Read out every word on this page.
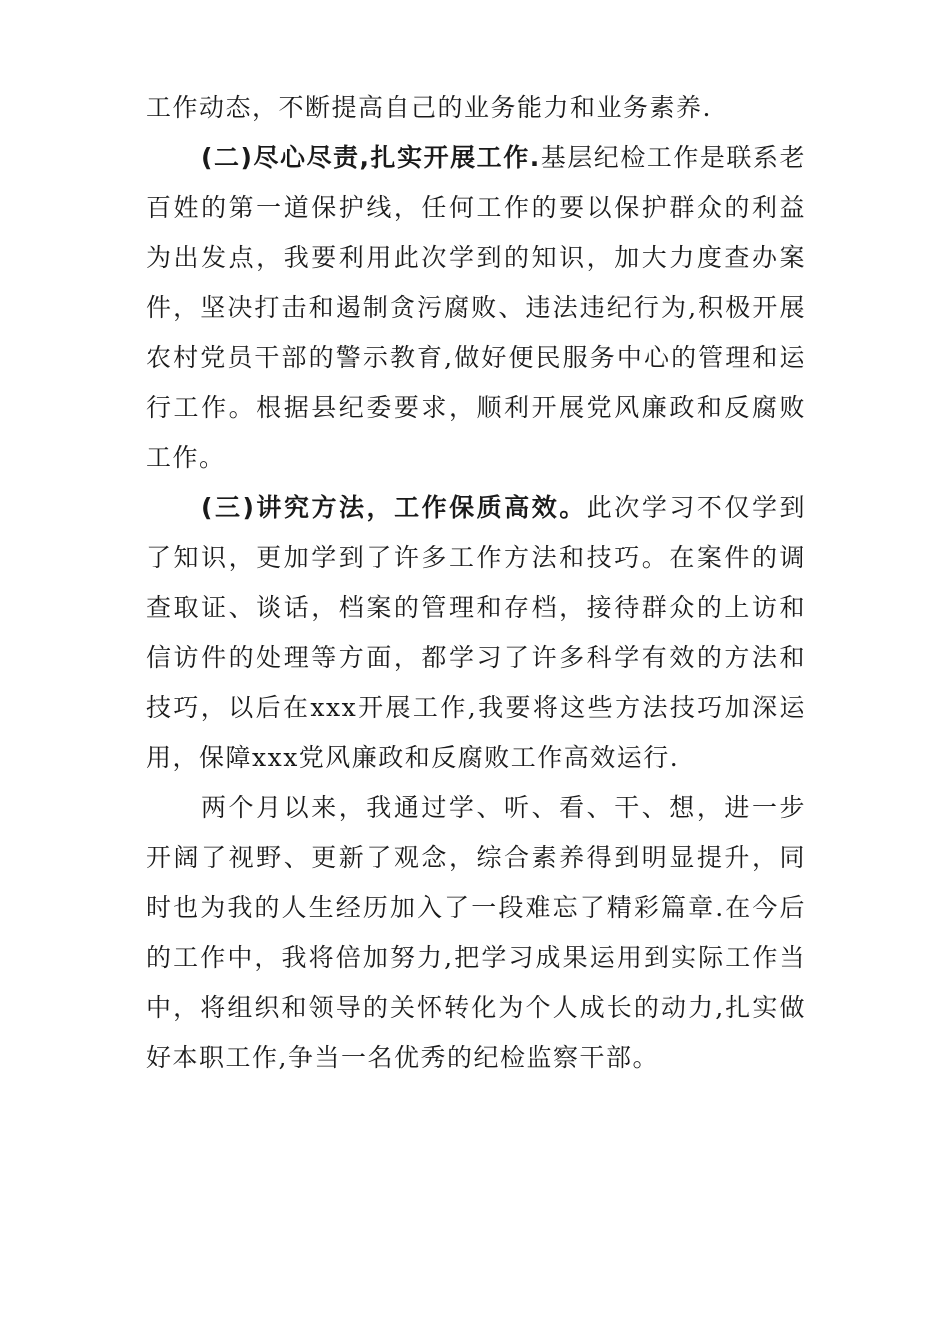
工作动态，不断提高自己的业务能力和业务素养.

(二)尽心尽责,扎实开展工作.基层纪检工作是联系老百姓的第一道保护线，任何工作的要以保护群众的利益为出发点，我要利用此次学到的知识，加大力度查办案件，坚决打击和遏制贪污腐败、违法违纪行为,积极开展农村党员干部的警示教育,做好便民服务中心的管理和运行工作。根据县纪委要求，顺利开展党风廉政和反腐败工作。

(三)讲究方法，工作保质高效。此次学习不仅学到了知识，更加学到了许多工作方法和技巧。在案件的调查取证、谈话，档案的管理和存档，接待群众的上访和信访件的处理等方面，都学习了许多科学有效的方法和技巧，以后在xxx开展工作,我要将这些方法技巧加深运用，保障xxx党风廉政和反腐败工作高效运行.

两个月以来，我通过学、听、看、干、想，进一步开阔了视野、更新了观念，综合素养得到明显提升，同时也为我的人生经历加入了一段难忘了精彩篇章.在今后的工作中，我将倍加努力,把学习成果运用到实际工作当中，将组织和领导的关怀转化为个人成长的动力,扎实做好本职工作,争当一名优秀的纪检监察干部。
